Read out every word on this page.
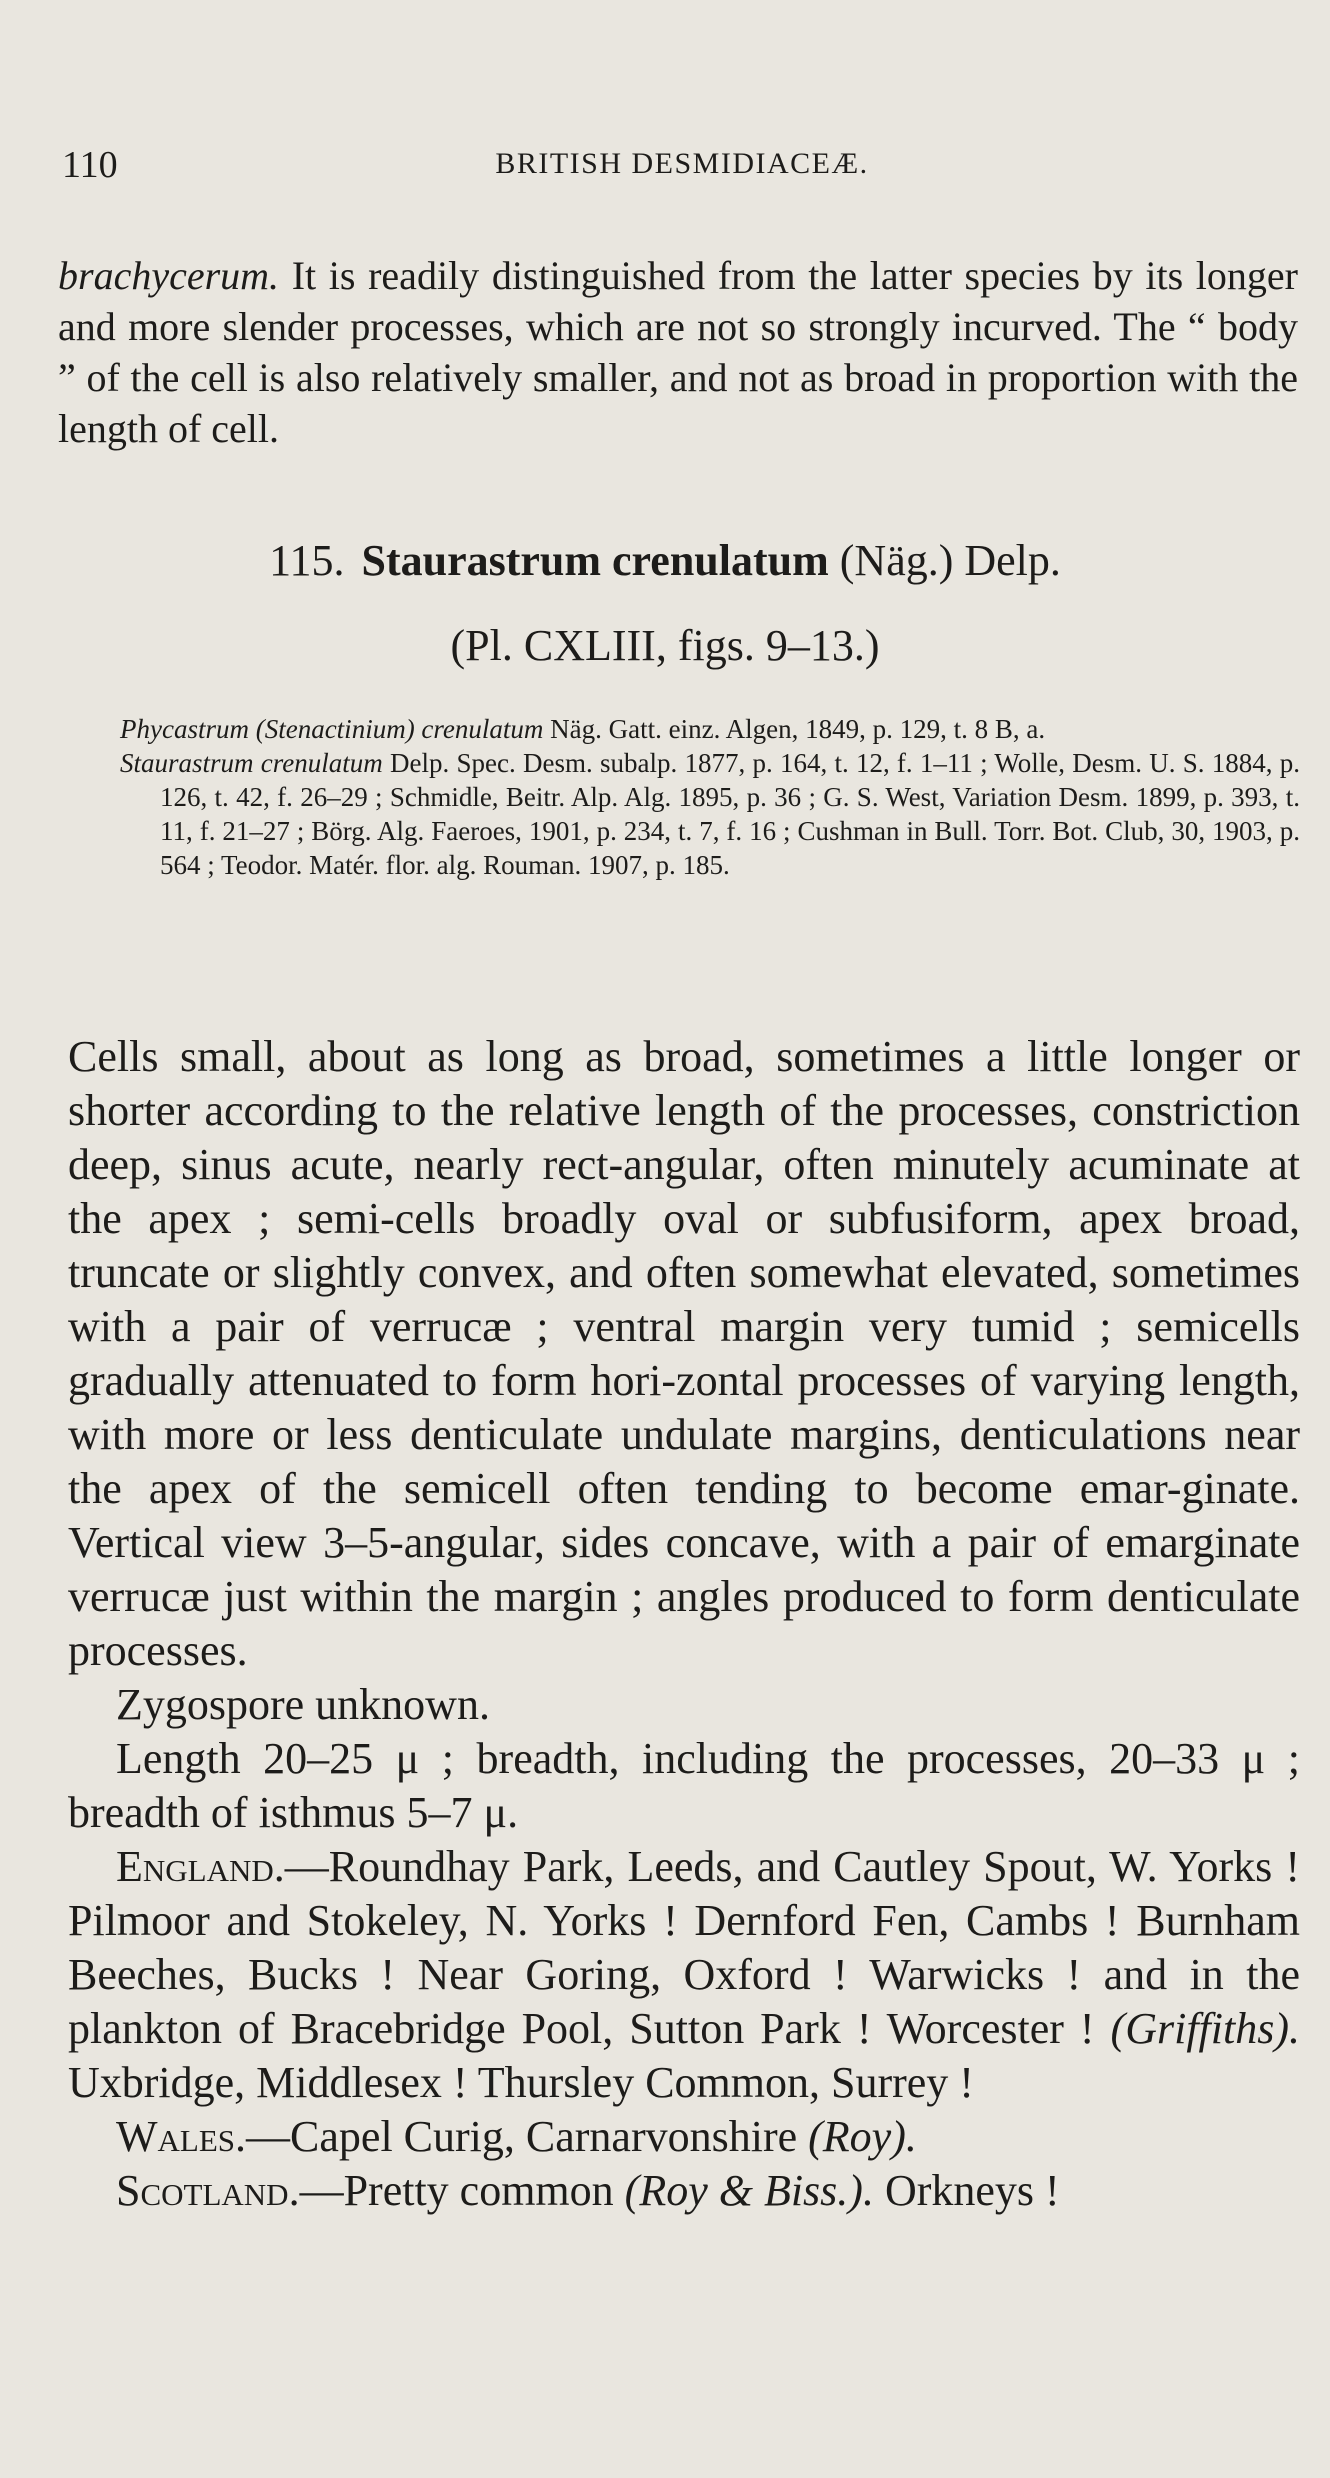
110	BRITISH DESMIDIACEÆ.

brachycerum. It is readily distinguished from the latter species by its longer and more slender processes, which are not so strongly incurved. The “ body ” of the cell is also relatively smaller, and not as broad in proportion with the length of cell.

115. Staurastrum crenulatum (Näg.) Delp.
(Pl. CXLIII, figs. 9–13.)

Phycastrum (Stenactinium) crenulatum Näg. Gatt. einz. Algen, 1849, p. 129, t. 8 B, a.

Staurastrum crenulatum Delp. Spec. Desm. subalp. 1877, p. 164, t. 12, f. 1–11 ; Wolle, Desm. U. S. 1884, p. 126, t. 42, f. 26–29 ; Schmidle, Beitr. Alp. Alg. 1895, p. 36 ; G. S. West, Variation Desm. 1899, p. 393, t. 11, f. 21–27 ; Börg. Alg. Faeroes, 1901, p. 234, t. 7, f. 16 ; Cushman in Bull. Torr. Bot. Club, 30, 1903, p. 564 ; Teodor. Matér. flor. alg. Rouman. 1907, p. 185.

Cells small, about as long as broad, sometimes a little longer or shorter according to the relative length of the processes, constriction deep, sinus acute, nearly rect-angular, often minutely acuminate at the apex ; semi-cells broadly oval or subfusiform, apex broad, truncate or slightly convex, and often somewhat elevated, sometimes with a pair of verrucæ ; ventral margin very tumid ; semicells gradually attenuated to form hori-zontal processes of varying length, with more or less denticulate undulate margins, denticulations near the apex of the semicell often tending to become emar-ginate. Vertical view 3–5-angular, sides concave, with a pair of emarginate verrucæ just within the margin ; angles produced to form denticulate processes.

Zygospore unknown.

Length 20–25 μ ; breadth, including the processes, 20–33 μ ; breadth of isthmus 5–7 μ.

England.—Roundhay Park, Leeds, and Cautley Spout, W. Yorks ! Pilmoor and Stokeley, N. Yorks ! Dernford Fen, Cambs ! Burnham Beeches, Bucks ! Near Goring, Oxford ! Warwicks ! and in the plankton of Bracebridge Pool, Sutton Park ! Worcester ! (Griffiths). Uxbridge, Middlesex ! Thursley Common, Surrey !

Wales.—Capel Curig, Carnarvonshire (Roy).

Scotland.—Pretty common (Roy & Biss.). Orkneys !
